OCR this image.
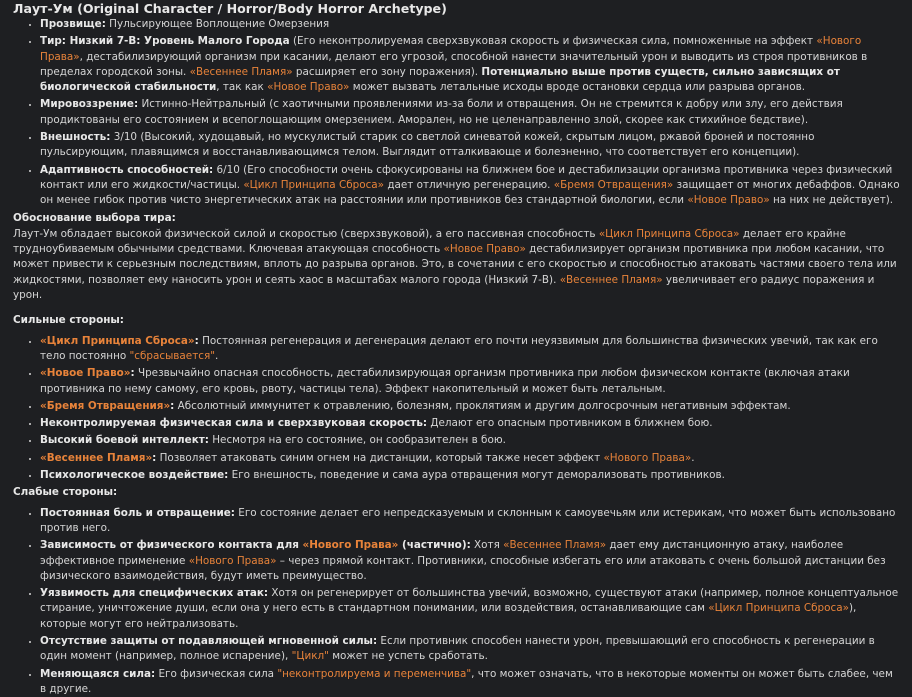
Лаут-Ум (Original Character / Horror/Body Horror Archetype)
• Прозвище: Пульсирующее Воплощение Омерзения
• Тир: Низкий 7-B: Уровень Малого Города (Его неконтролируемая сверхзвуковая скорость и физическая сила, помноженные на эффект «Нового Права», дестабилизирующий организм при касании, делают его угрозой, способной нанести значительный урон и выводить из строя противников в пределах городской зоны. «Весеннее Пламя» расширяет его зону поражения). Потенциально выше против существ, сильно зависящих от биологической стабильности, так как «Новое Право» может вызвать летальные исходы вроде остановки сердца или разрыва органов.
• Мировоззрение: Истинно-Нейтральный (с хаотичными проявлениями из-за боли и отвращения. Он не стремится к добру или злу, его действия продиктованы его состоянием и всепоглощающим омерзением. Аморален, но не целенаправленно злой, скорее как стихийное бедствие).
• Внешность: 3/10 (Высокий, худощавый, но мускулистый старик со светлой синеватой кожей, скрытым лицом, ржавой броней и постоянно пульсирующим, плавящимся и восстанавливающимся телом. Выглядит отталкивающе и болезненно, что соответствует его концепции).
• Адаптивность способностей: 6/10 (Его способности очень сфокусированы на ближнем бое и дестабилизации организма противника через физический контакт или его жидкости/частицы. «Цикл Принципа Сброса» дает отличную регенерацию. «Бремя Отвращения» защищает от многих дебаффов. Однако он менее гибок против чисто энергетических атак на расстоянии или противников без стандартной биологии, если «Новое Право» на них не действует).
Обоснование выбора тира:

Лаут-Ум обладает высокой физической силой и скоростью (сверхзвуковой), а его пассивная способность «Цикл Принципа Сброса» делает его крайне трудноубиваемым обычными средствами. Ключевая атакующая способность «Новое Право» дестабилизирует организм противника при любом касании, что может привести к серьезным последствиям, вплоть до разрыва органов. Это, в сочетании с его скоростью и способностью атаковать частями своего тела или жидкостями, позволяет ему наносить урон и сеять хаос в масштабах малого города (Низкий 7-B). «Весеннее Пламя» увеличивает его радиус поражения и урон.

Сильные стороны:
• «Цикл Принципа Сброса»: Постоянная регенерация и дегенерация делают его почти неуязвимым для большинства физических увечий, так как его тело постоянно "сбрасывается".
• «Новое Право»: Чрезвычайно опасная способность, дестабилизирующая организм противника при любом физическом контакте (включая атаки противника по нему самому, его кровь, рвоту, частицы тела). Эффект накопительный и может быть летальным.
• «Бремя Отвращения»: Абсолютный иммунитет к отравлению, болезням, проклятиям и другим долгосрочным негативным эффектам.
• Неконтролируемая физическая сила и сверхзвуковая скорость: Делают его опасным противником в ближнем бою.
• Высокий боевой интеллект: Несмотря на его состояние, он сообразителен в бою.
• «Весеннее Пламя»: Позволяет атаковать синим огнем на дистанции, который также несет эффект «Нового Права».
• Психологическое воздействие: Его внешность, поведение и сама аура отвращения могут деморализовать противников.
Слабые стороны:
• Постоянная боль и отвращение: Его состояние делает его непредсказуемым и склонным к самоувечьям или истерикам, что может быть использовано против него.
• Зависимость от физического контакта для «Нового Права» (частично): Хотя «Весеннее Пламя» дает ему дистанционную атаку, наиболее эффективное применение «Нового Права» – через прямой контакт. Противники, способные избегать его или атаковать с очень большой дистанции без физического взаимодействия, будут иметь преимущество.
• Уязвимость для специфических атак: Хотя он регенерирует от большинства увечий, возможно, существуют атаки (например, полное концептуальное стирание, уничтожение души, если она у него есть в стандартном понимании, или воздействия, останавливающие сам «Цикл Принципа Сброса»), которые могут его нейтрализовать.
• Отсутствие защиты от подавляющей мгновенной силы: Если противник способен нанести урон, превышающий его способность к регенерации в один момент (например, полное испарение), "Цикл" может не успеть сработать.
• Меняющаяся сила: Его физическая сила "неконтролируема и переменчива", что может означать, что в некоторые моменты он может быть слабее, чем в другие.
